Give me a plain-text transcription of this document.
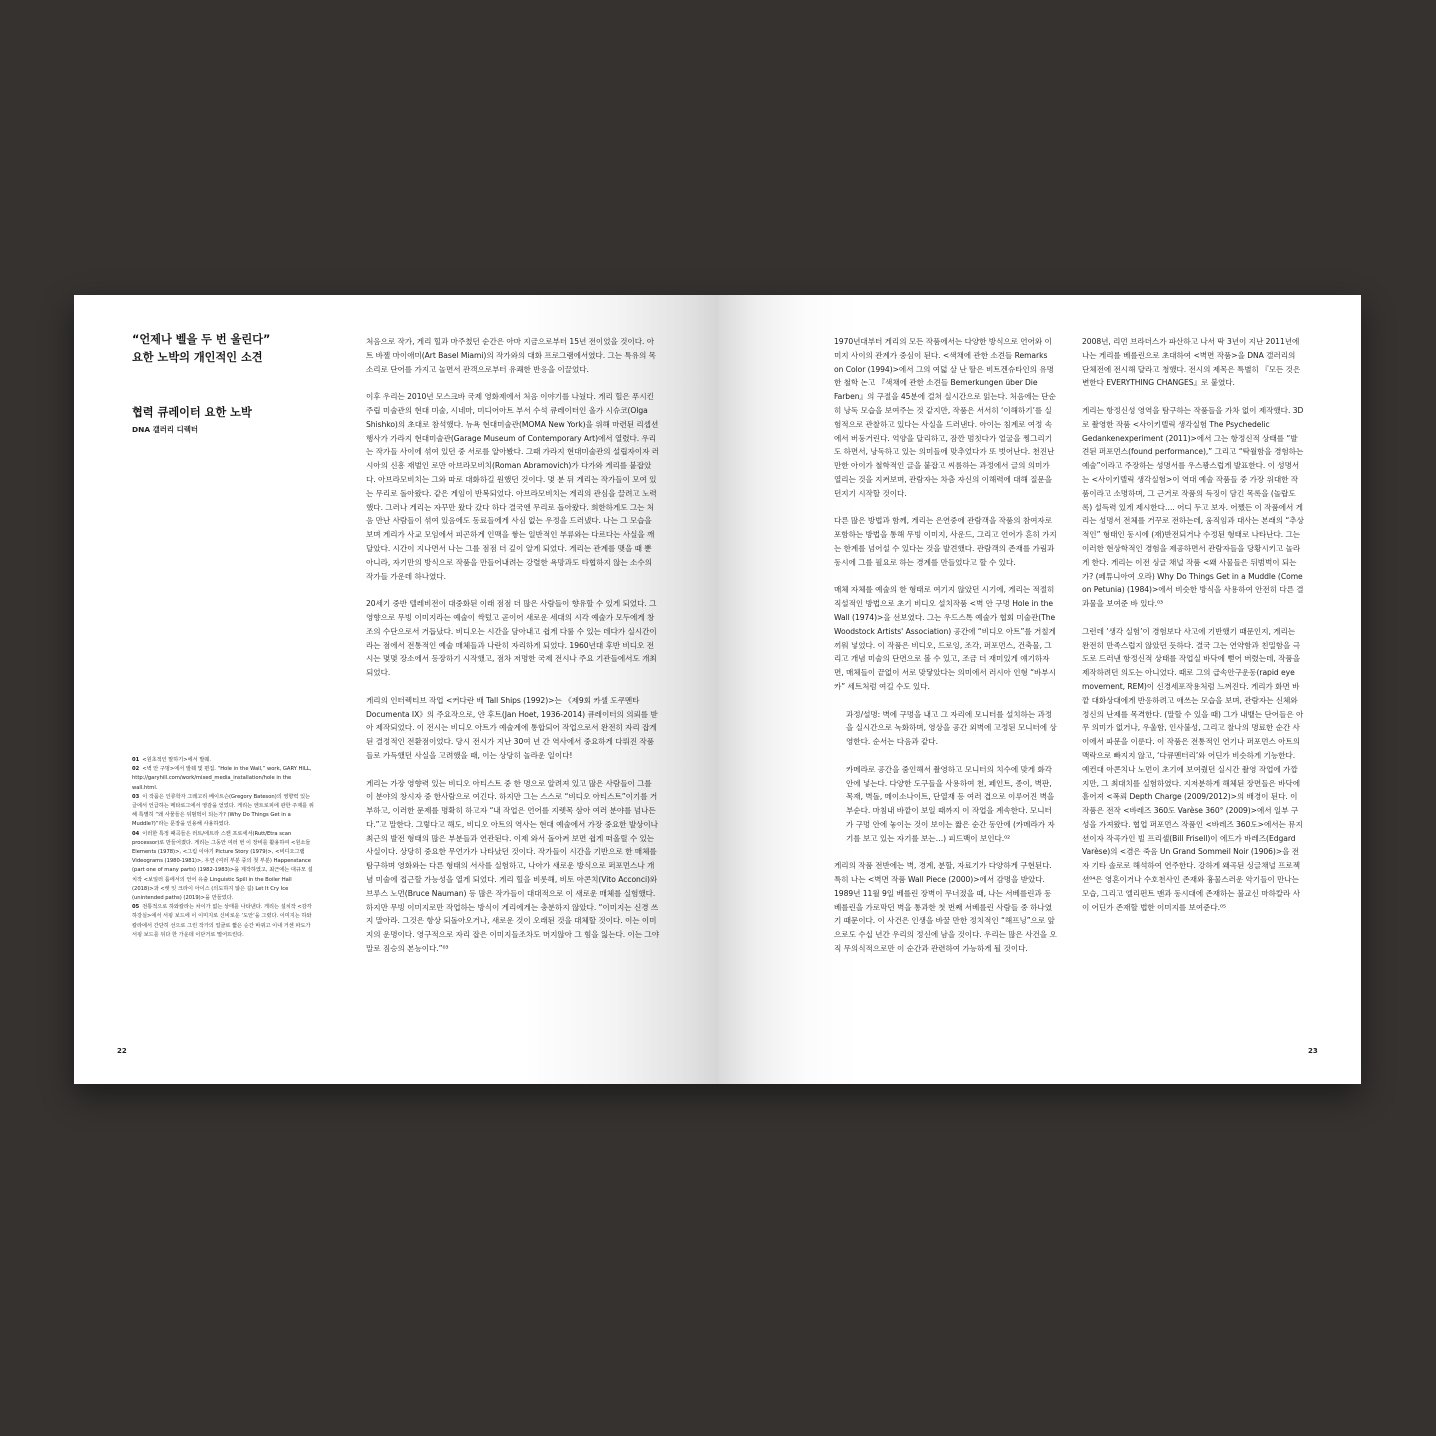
“언제나 벨을 두 번 울린다”
요한 노박의 개인적인 소견
협력 큐레이터 요한 노박
DNA 갤러리 디렉터

처음으로 작가, 게리 힐과 마주쳤던 순간은 아마 지금으로부터 15년 전이었을 것이다. 아트 바젤 마이애미(Art Basel Miami)의 작가와의 대화 프로그램에서였다. 그는 특유의 목소리로 단어를 가지고 놀면서 관객으로부터 유쾌한 반응을 이끌었다.

이후 우리는 2010년 모스크바 국제 영화제에서 처음 이야기를 나눴다. 게리 힐은 푸시킨 주립 미술관의 현대 미술, 시네마, 미디어아트 부서 수석 큐레이터인 올가 시슈코(Olga Shishko)의 초대로 참석했다. 뉴욕 현대미술관(MOMA New York)을 위해 마련된 리셉션 행사가 가라지 현대미술관(Garage Museum of Contemporary Art)에서 열렸다. 우리는 작가들 사이에 섞여 있던 중 서로를 알아봤다. 그때 가라지 현대미술관의 설립자이자 러시아의 신흥 재벌인 로만 아브라모비치(Roman Abramovich)가 다가와 게리를 붙잡았다. 아브라모비치는 그와 따로 대화하길 원했던 것이다. 몇 분 뒤 게리는 작가들이 모여 있는 무리로 돌아왔다. 같은 게임이 반복되었다. 아브라모비치는 게리의 관심을 끌려고 노력했다. 그러나 게리는 자꾸만 왔다 갔다 하다 결국엔 무리로 돌아왔다. 희한하게도 그는 처음 만난 사람들이 섞여 있음에도 동료들에게 사심 없는 우정을 드러냈다. 나는 그 모습을 보며 게리가 사교 모임에서 피곤하게 인맥을 쌓는 일반적인 부류와는 다르다는 사실을 깨달았다. 시간이 지나면서 나는 그를 점점 더 깊이 알게 되었다. 게리는 관계를 맺을 때 뿐 아니라, 자기만의 방식으로 작품을 만들어내려는 강렬한 욕망과도 타협하지 않는 소수의 작가들 가운데 하나였다.

20세기 중반 텔레비전이 대중화된 이래 점점 더 많은 사람들이 향유할 수 있게 되었다. 그 영향으로 무빙 이미지라는 예술이 싹텄고 곧이어 새로운 세대의 시각 예술가 모두에게 창조의 수단으로서 거듭났다. 비디오는 시간을 담아내고 쉽게 다룰 수 있는 데다가 실시간이라는 점에서 전통적인 예술 매체들과 나란히 자리하게 되었다. 1960년대 후반 비디오 전시는 몇몇 장소에서 등장하기 시작했고, 점차 저명한 국제 전시나 주요 기관들에서도 개최되었다.

게리의 인터렉티브 작업 <커다란 배 Tall Ships (1992)>는 《제9회 카셀 도쿠멘타 Documenta IX》의 주요작으로, 얀 후트(Jan Hoet, 1936-2014) 큐레이터의 의뢰를 받아 제작되었다. 이 전시는 비디오 아트가 예술계에 통합되어 작업으로서 완전히 자리 잡게 된 결정적인 전환점이었다. 당시 전시가 지난 30여 년 간 역사에서 중요하게 다뤄진 작품들로 가득했던 사실을 고려했을 때, 이는 상당히 놀라운 일이다!

게리는 가장 영향력 있는 비디오 아티스트 중 한 명으로 알려져 있고 많은 사람들이 그를 이 분야의 창시자 중 한사람으로 여긴다. 하지만 그는 스스로 “비디오 아티스트”이기를 거부하고, 이러한 문제를 명확히 하고자 “내 작업은 언어를 지렛목 삼아 여러 분야를 넘나든다.”고 말한다. 그렇다고 해도, 비디오 아트의 역사는 현대 예술에서 가장 중요한 발상이나 최근의 발전 형태의 많은 부분들과 연관된다. 이제 와서 돌아켜 보면 쉽게 떠올릴 수 있는 사실이다. 상당히 중요한 무언가가 나타났던 것이다. 작가들이 시간을 기반으로 한 매체를 탐구하며 영화와는 다른 형태의 서사를 실험하고, 나아가 새로운 방식으로 퍼포먼스나 개념 미술에 접근할 가능성을 열게 되었다. 게리 힐을 비롯해, 비토 아콘치(Vito Acconci)와 브루스 노먼(Bruce Nauman) 등 많은 작가들이 대대적으로 이 새로운 매체를 실험했다. 하지만 무빙 이미지로만 작업하는 방식이 게리에게는 충분하지 않았다. “이미지는 신경 쓰지 말아라. 그것은 항상 되돌아오거나, 새로운 것이 오래된 것을 대체할 것이다. 이는 이미지의 운명이다. 영구적으로 자리 잡은 이미지들조차도 머지않아 그 힘을 잃는다. 이는 그야말로 짐승의 본능이다.”⁰³

01 <원초적인 말하기>에서 발췌.
02 <벽 안 구멍>에서 발췌 및 편집. “Hole in the Wall,” work, GARY HILL, http://garyhill.com/work/mixed_media_installation/hole in the wall.html.
03 이 작품은 인류학자 그레고리 베이트슨(Gregory Bateson)의 영향력 있는 글에서 언급하는 메타로그에서 영감을 얻었다. 게리는 엔트로피에 관한 주제를 위해 특별히 “왜 사물들은 뒤범벅이 되는가? (Why Do Things Get in a Muddle?)”라는 문장을 인용해 사용하였다.
04 이러한 특정 패곡들은 러트/에트라 스캔 프로세서(Rutt/Etra scan processor)로 만들어졌다. 게리는 그동안 여러 번 이 장비를 활용하여 <원소들 Elements (1978)>, <그림 이야기 Picture Story (1979)>, <비디오그램 Videograms (1980-1981)>, 우연 (여러 부분 중의 첫 부분) Happenstance (part one of many parts) (1982-1983)>을 제작하였고, 최근에는 대규모 설치작 <보일러 룸에서의 언어 유출 Linguistic Spill in the Boiler Hall (2018)>과 <렛 잇 크라이 아이스 (의도하지 않은 길) Let It Cry Ice (unintended paths) (2019)>을 만들었다.
05 전통적으로 하와칼라는 차이가 없는 상태를 나타낸다. 게리는 설치작 <감각 하강실>에서 서핑 보드에 이 이미지로 신비로운 ‘도안’을 그렸다. 이미지는 하와칼라에서 간단히 선으로 그린 작가의 얼굴로 짧은 순간 바뀌고 이내 거센 파도가 서핑 보드를 뒤다 한 가운데 이닫거로 떨어뜨린다.
22

1970년대부터 게리의 모든 작품에서는 다양한 방식으로 언어와 이미지 사이의 관계가 중심이 된다. <색채에 관한 소견들 Remarks on Color (1994)>에서 그의 여덟 살 난 딸은 비트겐슈타인의 유명한 철학 논고 『색채에 관한 소견들 Bemerkungen über Die Farben』의 구절을 45분에 걸쳐 실시간으로 읽는다. 처음에는 단순히 낭독 모습을 보여주는 것 같지만, 작품은 서서히 ‘이해하기’를 실험적으로 관찰하고 있다는 사실을 드러낸다. 아이는 침계로 여정 속에서 버둥거린다. 억양을 달리하고, 잠깐 멈칫다가 얼굴을 찡그리기도 하면서, 낭독하고 있는 의미들에 맞추었다가 또 벗어난다. 천진난만한 아이가 철학적인 글을 붙잡고 씨름하는 과정에서 글의 의미가 열리는 것을 지켜보며, 관람자는 차츰 자신의 이해력에 대해 질문을 던지기 시작할 것이다.

다른 많은 방법과 함께, 게리는 은연중에 관람객을 작품의 참여자로 포함하는 방법을 통해 무빙 이미지, 사운드, 그리고 언어가 흔히 가지는 한계를 넘어설 수 있다는 것을 발견했다. 관람객의 존재를 가림과 동시에 그를 필요로 하는 경계를 만들었다고 할 수 있다.

매체 자체를 예술의 한 형태로 여기지 않았던 시기에, 게리는 적절히 직설적인 방법으로 초기 비디오 설치작품 <벽 안 구멍 Hole in the Wall (1974)>을 선보였다. 그는 우드스톡 예술가 협회 미술관(The Woodstock Artists' Association) 공간에 “비디오 아트”를 거칠게 끼워 넣었다. 이 작품은 비디오, 드로잉, 조각, 퍼포먼스, 건축물, 그리고 개념 미술의 단면으로 볼 수 있고, 조금 더 재미있게 얘기하자면, 매체들이 끝없이 서로 맞닿았다는 의미에서 러시아 인형 “바부시카” 세트처럼 여길 수도 있다.

과정/설명: 벽에 구멍을 내고 그 자리에 모니터를 설치하는 과정을 실시간으로 녹화하며, 영상을 공간 외벽에 고정된 모니터에 상영한다. 순서는 다음과 같다.

카메라로 공간을 줌인해서 촬영하고 모니터의 치수에 맞게 화각 안에 넣는다. 다양한 도구들을 사용하여 천, 페인트, 종이, 벽판, 목재, 벽돌, 메이소나이트, 단열재 등 여러 겹으로 이루어진 벽을 부순다. 마침내 바깥이 보일 때까지 이 작업을 계속한다. 모니터가 구멍 안에 놓이는 것이 보이는 짧은 순간 동안에 (카메라가 자기를 보고 있는 자기를 보는…) 피드백이 보인다.⁰²

게리의 작품 전반에는 벽, 경계, 분할, 자료기가 다양하게 구현된다. 특히 나는 <벽면 작품 Wall Piece (2000)>에서 감명을 받았다. 1989년 11월 9일 베를린 장벽이 무너졌을 때, 나는 서베를린과 동베를린을 가로막던 벽을 통과한 첫 번째 서베를린 사람들 중 하나였기 때문이다. 이 사건은 인생을 바꿀 만한 정치적인 “해프닝”으로 앞으로도 수십 년간 우리의 정신에 남을 것이다. 우리는 많은 사건을 오직 무의식적으로만 이 순간과 관련하여 가능하게 될 것이다.

2008년, 리먼 브라더스가 파산하고 나서 딱 3년이 지난 2011년에 나는 게리를 베를린으로 초대하여 <벽면 작품>을 DNA 갤러리의 단체전에 전시해 달라고 청했다. 전시의 제목은 특별히 『모든 것은 변한다 EVERYTHING CHANGES』로 붙였다.

게리는 항정신성 영역을 탐구하는 작품들을 가차 없이 제작했다. 3D로 촬영한 작품 <사이키델릭 생각실험 The Psychedelic Gedankenexperiment (2011)>에서 그는 항정신적 상태를 “발견된 퍼포먼스(found performance),” 그리고 “탁월함을 경험하는 예술”이라고 주장하는 성명서를 우스꽝스럽게 발표한다. 이 성명서는 <사이키델릭 생각실험>이 역대 예술 작품들 중 가장 위대한 작품이라고 소명하며, 그 근거로 작품의 득징이 담긴 목록을 (놀랍도록) 설득력 있게 제시한다…. 어디 두고 보자. 어쨌든 이 작품에서 게리는 성명서 전체를 거꾸로 전하는데, 움직임과 대사는 본래의 “추상적인” 형태인 동시에 (재)반전되거나 수정된 형태로 나타난다. 그는 이러한 현상학적인 경험을 제공하면서 관람자들을 당황시키고 놀라게 한다. 게리는 이전 싱글 채널 작품 <왜 사물들은 뒤범벅이 되는가? (페튜니아여 오라) Why Do Things Get in a Muddle (Come on Petunia) (1984)>에서 비슷한 방식을 사용하여 안전히 다른 결과물을 보여준 바 있다.⁰³

그런데 ‘생각 실험’이 경험보다 사고에 기반했기 때문인지, 게리는 완전히 만족스럽지 않았던 듯하다. 결국 그는 연약함과 친밀함을 극도로 드러낸 항정신적 상태를 작업실 바닥에 뻗어 버렸는데, 작품을 제작하려던 의도는 아니었다. 때로 그의 급속안구운동(rapid eye movement, REM)이 신경세포작용처럼 느껴진다. 게리가 화면 바깥 대화상대에게 반응하려고 애쓰는 모습을 보며, 관람자는 신체와 정신의 난제를 목격한다. (말할 수 있을 때) 그가 내뱉는 단어들은 아무 의미가 없거나, 우울함, 인사불성, 그리고 찰나의 명료한 순간 사이에서 파문을 이룬다. 이 작품은 전통적인 연기나 퍼포먼스 아트의 맥락으로 빠지지 않고, ‘다큐멘터리’와 어딘가 비슷하게 기능한다. 예컨대 아콘치나 노먼이 초기에 보여줬던 실시간 촬영 작업에 가깝지만, 그 최대치를 실험하였다. 지저분하게 해체된 장면들은 바닥에 흩어져 <폭뢰 Depth Charge (2009/2012)>의 배경이 된다. 이 작품은 전작 <바레즈 360도 Varèse 360° (2009)>에서 일부 구성을 가져왔다. 협업 퍼포먼스 작품인 <바레즈 360도>에서는 뮤지션이자 작곡가인 빌 프리셀(Bill Frisell)이 에드가 바레즈(Edgard Varèse)의 <겸은 죽음 Un Grand Sommeil Noir (1906)>을 전자 기타 솔로로 해석하여 연주한다. 강하게 왜곡된 싱글채널 프로젝션⁰⁴은 영혼이거나 수호천사인 존재와 흉물스러운 악기들이 만나는 모습, 그리고 엘리펀트 맨과 동시대에 존재하는 불교신 마하칼라 사이 어딘가 존재할 법한 이미지를 보여준다.⁰⁵

23
